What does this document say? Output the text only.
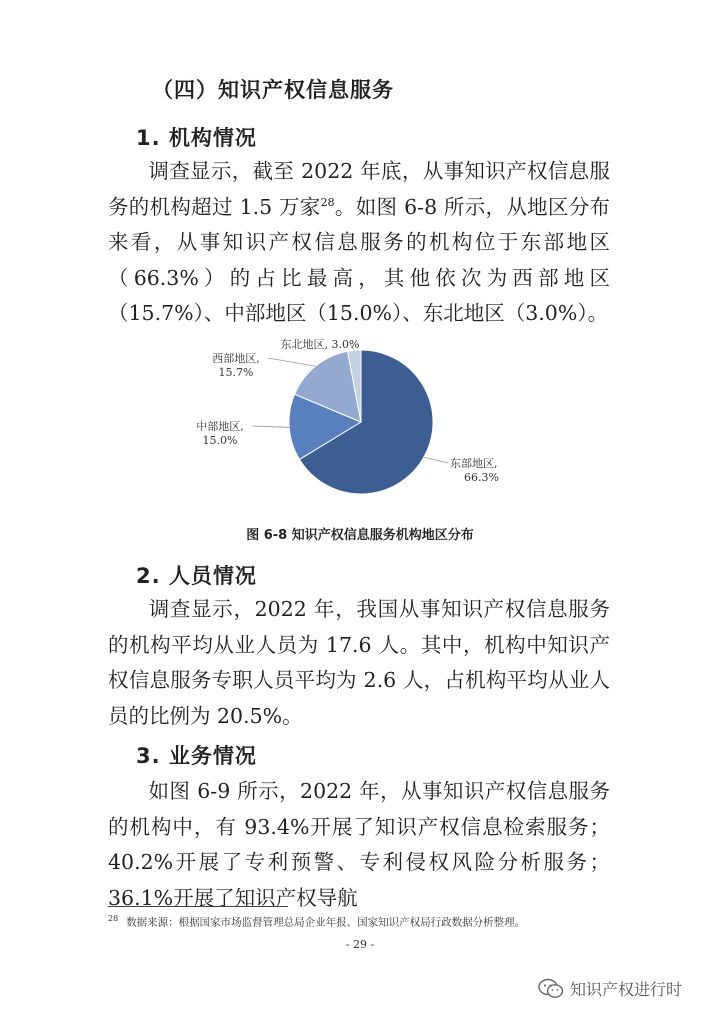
（四）知识产权信息服务
1. 机构情况
调查显示，截至 2022 年底，从事知识产权信息服务的机构超过 1.5 万家$^{28}$。如图 6-8 所示，从地区分布来看，从事知识产权信息服务的机构位于东部地区（66.3%）的占比最高，其他依次为西部地区（15.7%）、中部地区（15.0%）、东北地区（3.0%）。
东部地区, 66.3%
中部地区, 15.0%
西部地区, 15.7%
东北地区, 3.0%
图 6-8 知识产权信息服务机构地区分布
2. 人员情况
调查显示，2022 年，我国从事知识产权信息服务的机构平均从业人员为 17.6 人。其中，机构中知识产权信息服务专职人员平均为 2.6 人，占机构平均从业人员的比例为 20.5%。
3. 业务情况
如图 6-9 所示，2022 年，从事知识产权信息服务的机构中，有 93.4%开展了知识产权信息检索服务；40.2%开展了专利预警、专利侵权风险分析服务；36.1%开展了知识产权导航
$^{28}$ 数据来源：根据国家市场监督管理总局企业年报、国家知识产权局行政数据分析整理。
- 29 -
知识产权进行时
